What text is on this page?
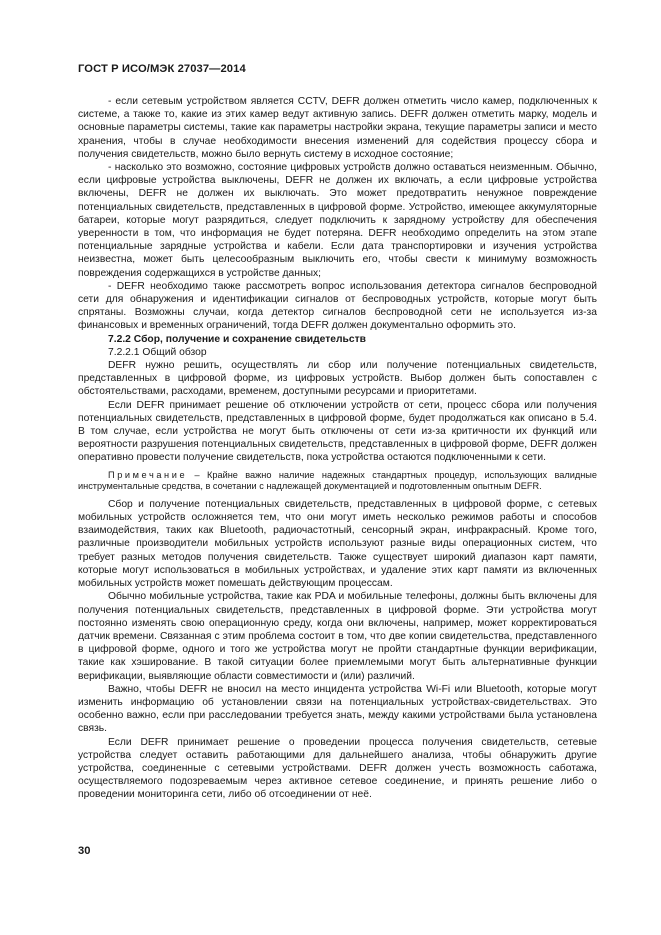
ГОСТ Р ИСО/МЭК 27037—2014

- если сетевым устройством является CCTV, DEFR должен отметить число камер, подключенных к системе, а также то, какие из этих камер ведут активную запись. DEFR должен отметить марку, модель и основные параметры системы, такие как параметры настройки экрана, текущие параметры записи и место хранения, чтобы в случае необходимости внесения изменений для содействия процессу сбора и получения свидетельств, можно было вернуть систему в исходное состояние;

- насколько это возможно, состояние цифровых устройств должно оставаться неизменным. Обычно, если цифровые устройства выключены, DEFR не должен их включать, а если цифровые устройства включены, DEFR не должен их выключать. Это может предотвратить ненужное повреждение потенциальных свидетельств, представленных в цифровой форме. Устройство, имеющее аккумуляторные батареи, которые могут разрядиться, следует подключить к зарядному устройству для обеспечения уверенности в том, что информация не будет потеряна. DEFR необходимо определить на этом этапе потенциальные зарядные устройства и кабели. Если дата транспортировки и изучения устройства неизвестна, может быть целесообразным выключить его, чтобы свести к минимуму возможность повреждения содержащихся в устройстве данных;

- DEFR необходимо также рассмотреть вопрос использования детектора сигналов беспроводной сети для обнаружения и идентификации сигналов от беспроводных устройств, которые могут быть спрятаны. Возможны случаи, когда детектор сигналов беспроводной сети не используется из-за финансовых и временных ограничений, тогда DEFR должен документально оформить это.

7.2.2 Сбор, получение и сохранение свидетельств

7.2.2.1 Общий обзор

DEFR нужно решить, осуществлять ли сбор или получение потенциальных свидетельств, представленных в цифровой форме, из цифровых устройств. Выбор должен быть сопоставлен с обстоятельствами, расходами, временем, доступными ресурсами и приоритетами.

Если DEFR принимает решение об отключении устройств от сети, процесс сбора или получения потенциальных свидетельств, представленных в цифровой форме, будет продолжаться как описано в 5.4. В том случае, если устройства не могут быть отключены от сети из-за критичности их функций или вероятности разрушения потенциальных свидетельств, представленных в цифровой форме, DEFR должен оперативно провести получение свидетельств, пока устройства остаются подключенными к сети.

Примечание – Крайне важно наличие надежных стандартных процедур, использующих валидные инструментальные средства, в сочетании с надлежащей документацией и подготовленным опытным DEFR.

Сбор и получение потенциальных свидетельств, представленных в цифровой форме, с сетевых мобильных устройств осложняется тем, что они могут иметь несколько режимов работы и способов взаимодействия, таких как Bluetooth, радиочастотный, сенсорный экран, инфракрасный. Кроме того, различные производители мобильных устройств используют разные виды операционных систем, что требует разных методов получения свидетельств. Также существует широкий диапазон карт памяти, которые могут использоваться в мобильных устройствах, и удаление этих карт памяти из включенных мобильных устройств может помешать действующим процессам.

Обычно мобильные устройства, такие как PDA и мобильные телефоны, должны быть включены для получения потенциальных свидетельств, представленных в цифровой форме. Эти устройства могут постоянно изменять свою операционную среду, когда они включены, например, может корректироваться датчик времени. Связанная с этим проблема состоит в том, что две копии свидетельства, представленного в цифровой форме, одного и того же устройства могут не пройти стандартные функции верификации, такие как хэширование. В такой ситуации более приемлемыми могут быть альтернативные функции верификации, выявляющие области совместимости и (или) различий.

Важно, чтобы DEFR не вносил на место инцидента устройства Wi-Fi или Bluetooth, которые могут изменить информацию об установлении связи на потенциальных устройствах-свидетельствах. Это особенно важно, если при расследовании требуется знать, между какими устройствами была установлена связь.

Если DEFR принимает решение о проведении процесса получения свидетельств, сетевые устройства следует оставить работающими для дальнейшего анализа, чтобы обнаружить другие устройства, соединенные с сетевыми устройствами. DEFR должен учесть возможность саботажа, осуществляемого подозреваемым через активное сетевое соединение, и принять решение либо о проведении мониторинга сети, либо об отсоединении от неё.

30
